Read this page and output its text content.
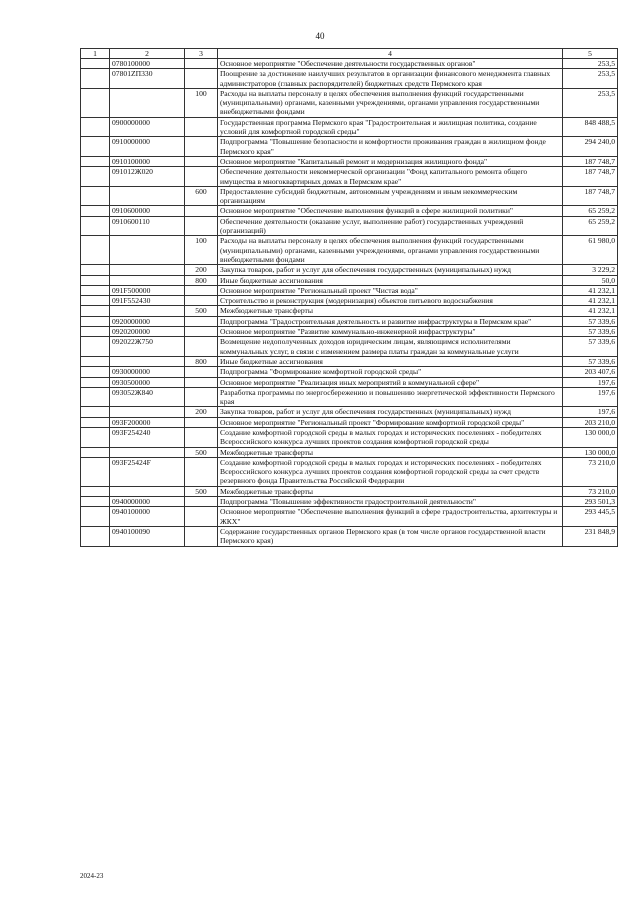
40
1	2	3	4	5
	0780100000		Основное мероприятие "Обеспечение деятельности государственных органов"	253,5
	07801ZП330		Поощрение за достижение наилучших результатов в организации финансового менеджмента главных администраторов (главных распорядителей) бюджетных средств Пермского края	253,5
		100	Расходы на выплаты персоналу в целях обеспечения выполнения функций государственными (муниципальными) органами, казенными учреждениями, органами управления государственными внебюджетными фондами	253,5
	0900000000		Государственная программа Пермского края "Градостроительная и жилищная политика, создание условий для комфортной городской среды"	848 488,5
	0910000000		Подпрограмма "Повышение безопасности и комфортности проживания граждан в жилищном фонде Пермского края"	294 240,0
	0910100000		Основное мероприятие "Капитальный ремонт и модернизация жилищного фонда"	187 748,7
	091012Ж020		Обеспечение деятельности некоммерческой организации "Фонд капитального ремонта общего имущества в многоквартирных домах в Пермском крае"	187 748,7
		600	Предоставление субсидий бюджетным, автономным учреждениям и иным некоммерческим организациям	187 748,7
	0910600000		Основное мероприятие "Обеспечение выполнения функций в сфере жилищной политики"	65 259,2
	0910600110		Обеспечение деятельности (оказание услуг, выполнение работ) государственных учреждений (организаций)	65 259,2
		100	Расходы на выплаты персоналу в целях обеспечения выполнения функций государственными (муниципальными) органами, казенными учреждениями, органами управления государственными внебюджетными фондами	61 980,0
		200	Закупка товаров, работ и услуг для обеспечения государственных (муниципальных) нужд	3 229,2
		800	Иные бюджетные ассигнования	50,0
	091F500000		Основное мероприятие "Региональный проект "Чистая вода"	41 232,1
	091F552430		Строительство и реконструкция (модернизация) объектов питьевого водоснабжения	41 232,1
		500	Межбюджетные трансферты	41 232,1
	0920000000		Подпрограмма "Градостроительная деятельность и развитие инфраструктуры в Пермском крае"	57 339,6
	0920200000		Основное мероприятие "Развитие коммунально-инженерной инфраструктуры"	57 339,6
	092022Ж750		Возмещение недополученных доходов юридическим лицам, являющимся исполнителями коммунальных услуг, в связи с изменением размера платы граждан за коммунальные услуги	57 339,6
		800	Иные бюджетные ассигнования	57 339,6
	0930000000		Подпрограмма "Формирование комфортной городской среды"	203 407,6
	0930500000		Основное мероприятие "Реализация иных мероприятий в коммунальной сфере"	197,6
	093052Ж840		Разработка программы по энергосбережению и повышению энергетической эффективности Пермского края	197,6
		200	Закупка товаров, работ и услуг для обеспечения государственных (муниципальных) нужд	197,6
	093F200000		Основное мероприятие "Региональный проект "Формирование комфортной городской среды"	203 210,0
	093F254240		Создание комфортной городской среды в малых городах и исторических поселениях - победителях Всероссийского конкурса лучших проектов создания комфортной городской среды	130 000,0
		500	Межбюджетные трансферты	130 000,0
	093F25424F		Создание комфортной городской среды в малых городах и исторических поселениях - победителях Всероссийского конкурса лучших проектов создания комфортной городской среды за счет средств резервного фонда Правительства Российской Федерации	73 210,0
		500	Межбюджетные трансферты	73 210,0
	0940000000		Подпрограмма "Повышение эффективности градостроительной деятельности"	293 501,3
	0940100000		Основное мероприятие "Обеспечение выполнения функций в сфере градостроительства, архитектуры и ЖКХ"	293 445,5
	0940100090		Содержание государственных органов Пермского края (в том числе органов государственной власти Пермского края)	231 848,9
2024-23
